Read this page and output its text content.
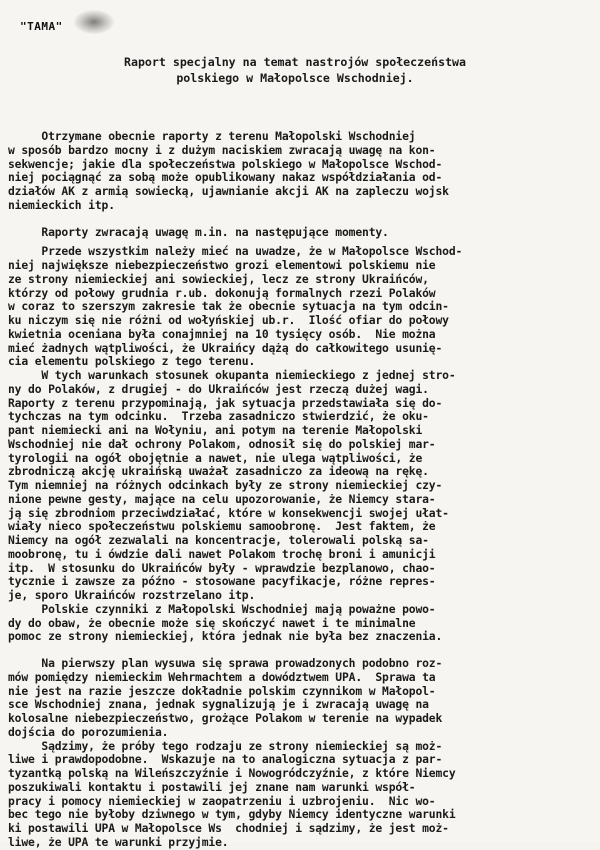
"TAMA"
Raport specjalny na temat nastrojów społeczeństwa
polskiego w Małopolsce Wschodniej.
Otrzymane obecnie raporty z terenu Małopolski Wschodniej
w sposób bardzo mocny i z dużym naciskiem zwracają uwagę na kon-
sekwencje; jakie dla społeczeństwa polskiego w Małopolsce Wschod-
niej pociągnąć za sobą może opublikowany nakaz współdziałania od-
działów AK z armią sowiecką, ujawnianie akcji AK na zapleczu wojsk
niemieckich itp.
Raporty zwracają uwagę m.in. na następujące momenty.
Przede wszystkim należy mieć na uwadze, że w Małopolsce Wschod-
niej największe niebezpieczeństwo grozi elementowi polskiemu nie
ze strony niemieckiej ani sowieckiej, lecz ze strony Ukraińców,
którzy od połowy grudnia r.ub. dokonują formalnych rzezi Polaków
w coraz to szerszym zakresie tak że obecnie sytuacja na tym odcin-
ku niczym się nie różni od wołyńskiej ub.r.  Ilość ofiar do połowy
kwietnia oceniana była conajmniej na 10 tysięcy osób.  Nie można
mieć żadnych wątpliwości, że Ukraińcy dążą do całkowitego usunię-
cia elementu polskiego z tego terenu.
W tych warunkach stosunek okupanta niemieckiego z jednej stro-
ny do Polaków, z drugiej - do Ukraińców jest rzeczą dużej wagi.
Raporty z terenu przypominają, jak sytuacja przedstawiała się do-
tychczas na tym odcinku.  Trzeba zasadniczo stwierdzić, że oku-
pant niemiecki ani na Wołyniu, ani potym na terenie Małopolski
Wschodniej nie dał ochrony Polakom, odnosił się do polskiej mar-
tyrologii na ogół obojętnie a nawet, nie ulega wątpliwości, że
zbrodniczą akcję ukraińską uważał zasadniczo za ideową na rękę.
Tym niemniej na różnych odcinkach były ze strony niemieckiej czy-
nione pewne gesty, mające na celu upozorowanie, że Niemcy stara-
ją się zbrodniom przeciwdziałać, które w konsekwencji swojej ułat-
wiały nieco społeczeństwu polskiemu samoobronę.  Jest faktem, że
Niemcy na ogół zezwalali na koncentracje, tolerowali polską sa-
moobronę, tu i ówdzie dali nawet Polakom trochę broni i amunicji
itp.  W stosunku do Ukraińców były - wprawdzie bezplanowo, chao-
tycznie i zawsze za późno - stosowane pacyfikacje, różne repres-
je, sporo Ukraińców rozstrzelano itp.
Polskie czynniki z Małopolski Wschodniej mają poważne powo-
dy do obaw, że obecnie może się skończyć nawet i te minimalne
pomoc ze strony niemieckiej, która jednak nie była bez znaczenia.
Na pierwszy plan wysuwa się sprawa prowadzonych podobno roz-
mów pomiędzy niemieckim Wehrmachtem a dowództwem UPA.  Sprawa ta
nie jest na razie jeszcze dokładnie polskim czynnikom w Małopol-
sce Wschodniej znana, jednak sygnalizują je i zwracają uwagę na
kolosalne niebezpieczeństwo, grożące Polakom w terenie na wypadek
dojścia do porozumienia.
Sądzimy, że próby tego rodzaju ze strony niemieckiej są moż-
liwe i prawdopodobne.  Wskazuje na to analogiczna sytuacja z par-
tyzantką polską na Wileńszczyźnie i Nowogródczyźnie, z które Niemcy
poszukiwali kontaktu i postawili jej znane nam warunki współ-
pracy i pomocy niemieckiej w zaopatrzeniu i uzbrojeniu.  Nic wo-
bec tego nie byłoby dziwnego w tym, gdyby Niemcy identyczne warunki
ki postawili UPA w Małopolsce Ws  chodniej i sądzimy, że jest moż-
liwe, że UPA te warunki przyjmie.
